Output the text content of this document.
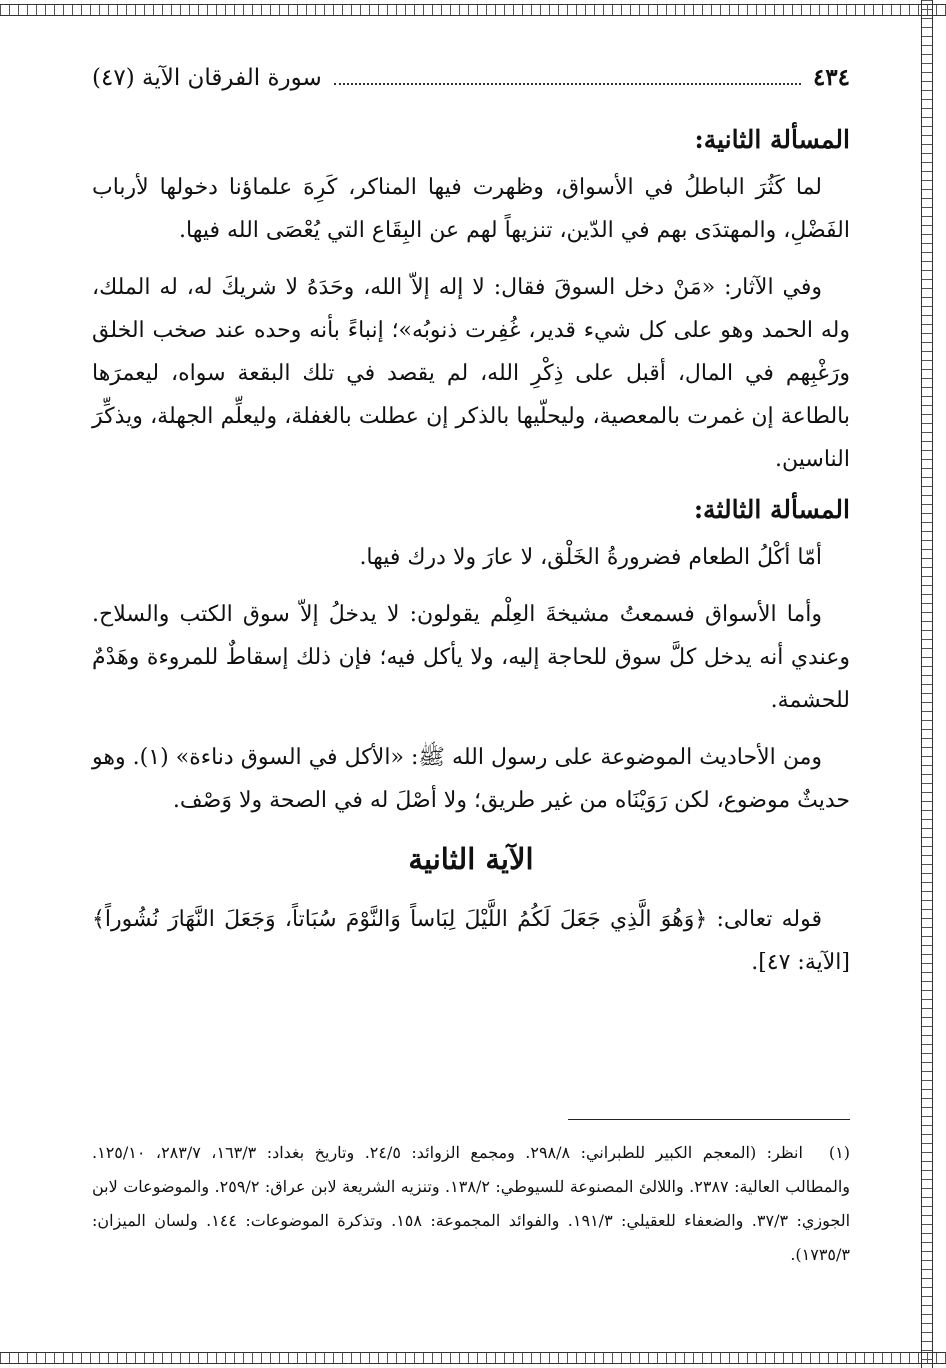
٤٣٤
سورة الفرقان الآية (٤٧)
المسألة الثانية:

لما كَثُرَ الباطلُ في الأسواق، وظهرت فيها المناكر، كَرِهَ علماؤنا دخولها لأرباب الفَضْلِ، والمهتدَى بهم في الدّين، تنزيهاً لهم عن البِقَاع التي يُعْصَى الله فيها.

وفي الآثار: «مَنْ دخل السوقَ فقال: لا إله إلاّ الله، وحَدَهُ لا شريكَ له، له الملك، وله الحمد وهو على كل شيء قدير، غُفِرت ذنوبُه»؛ إنباءً بأنه وحده عند صخب الخلق ورَغْبِهم في المال، أقبل على ذِكْرِ الله، لم يقصد في تلك البقعة سواه، ليعمرَها بالطاعة إن غمرت بالمعصية، وليحلّيها بالذكر إن عطلت بالغفلة، وليعلِّم الجهلة، ويذكِّرَ الناسين.

المسألة الثالثة:

أمّا أكْلُ الطعام فضرورةُ الخَلْق، لا عارَ ولا درك فيها.

وأما الأسواق فسمعتُ مشيخةَ العِلْم يقولون: لا يدخلُ إلاّ سوق الكتب والسلاح. وعندي أنه يدخل كلَّ سوق للحاجة إليه، ولا يأكل فيه؛ فإن ذلك إسقاطٌ للمروءة وهَدْمٌ للحشمة.

ومن الأحاديث الموضوعة على رسول الله ﷺ: «الأكل في السوق دناءة» (١). وهو حديثٌ موضوع، لكن رَوَيْنَاه من غير طريق؛ ولا أصْلَ له في الصحة ولا وَصْف.

الآية الثانية

قوله تعالى: ﴿وَهُوَ الَّذِي جَعَلَ لَكُمُ اللَّيْلَ لِبَاساً وَالنَّوْمَ سُبَاتاً، وَجَعَلَ النَّهَارَ نُشُوراً﴾ [الآية: ٤٧].

(١)انظر: (المعجم الكبير للطبراني: ٢٩٨/٨. ومجمع الزوائد: ٢٤/٥. وتاريخ بغداد: ١٦٣/٣، ٢٨٣/٧، ١٢٥/١٠. والمطالب العالية: ٢٣٨٧. واللالئ المصنوعة للسيوطي: ١٣٨/٢. وتنزيه الشريعة لابن عراق: ٢٥٩/٢. والموضوعات لابن الجوزي: ٣٧/٣. والضعفاء للعقيلي: ١٩١/٣. والفوائد المجموعة: ١٥٨. وتذكرة الموضوعات: ١٤٤. ولسان الميزان: ١٧٣٥/٣).
